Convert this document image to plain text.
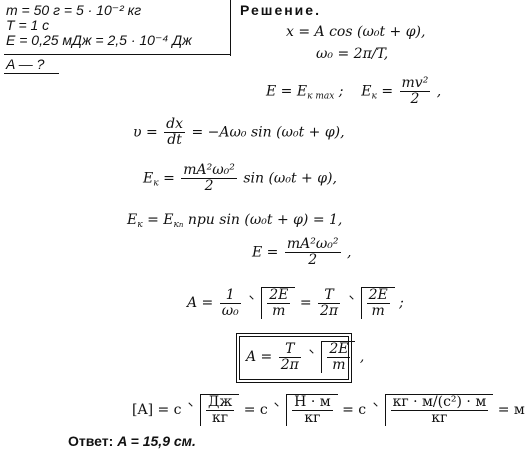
m = 50 г = 5 · 10⁻² кг
T = 1 c
E = 0,25 мДж = 2,5 · 10⁻⁴ Дж
A — ?
Решение.
x = A cos (ω₀t + φ),
ω₀ = 2π/T,
$E = E_{к max}$ ; $E_к = \frac{\text{mv²}}{2}$ ,
$\upsilon = \frac{dx}{dt} = -A\omega_0$ sin (ω₀t + φ),
$E_к = \frac{\text{mA²ω₀²}}{2}$ sin (ω₀t + φ),
$E_к = E_{кп}$ при sin (ω₀t + φ) = 1,
$E = \frac{\text{mA²ω₀²}}{2}$ ,
$A = \frac{1}{\text{ω₀}}$
$\frac{2E}{m} = \frac{T}{2\pi}$
$\frac{2E}{m}$ ;
$A = \frac{T}{2\pi}$
$\frac{2E}{m}$ ,
[A] = c $\frac{Дж}{кг} = c \frac{Н \cdot м}{кг} = c \frac{\text{кг · м/(c²) · м}}{кг} = м$
Ответ: A = 15,9 см.
